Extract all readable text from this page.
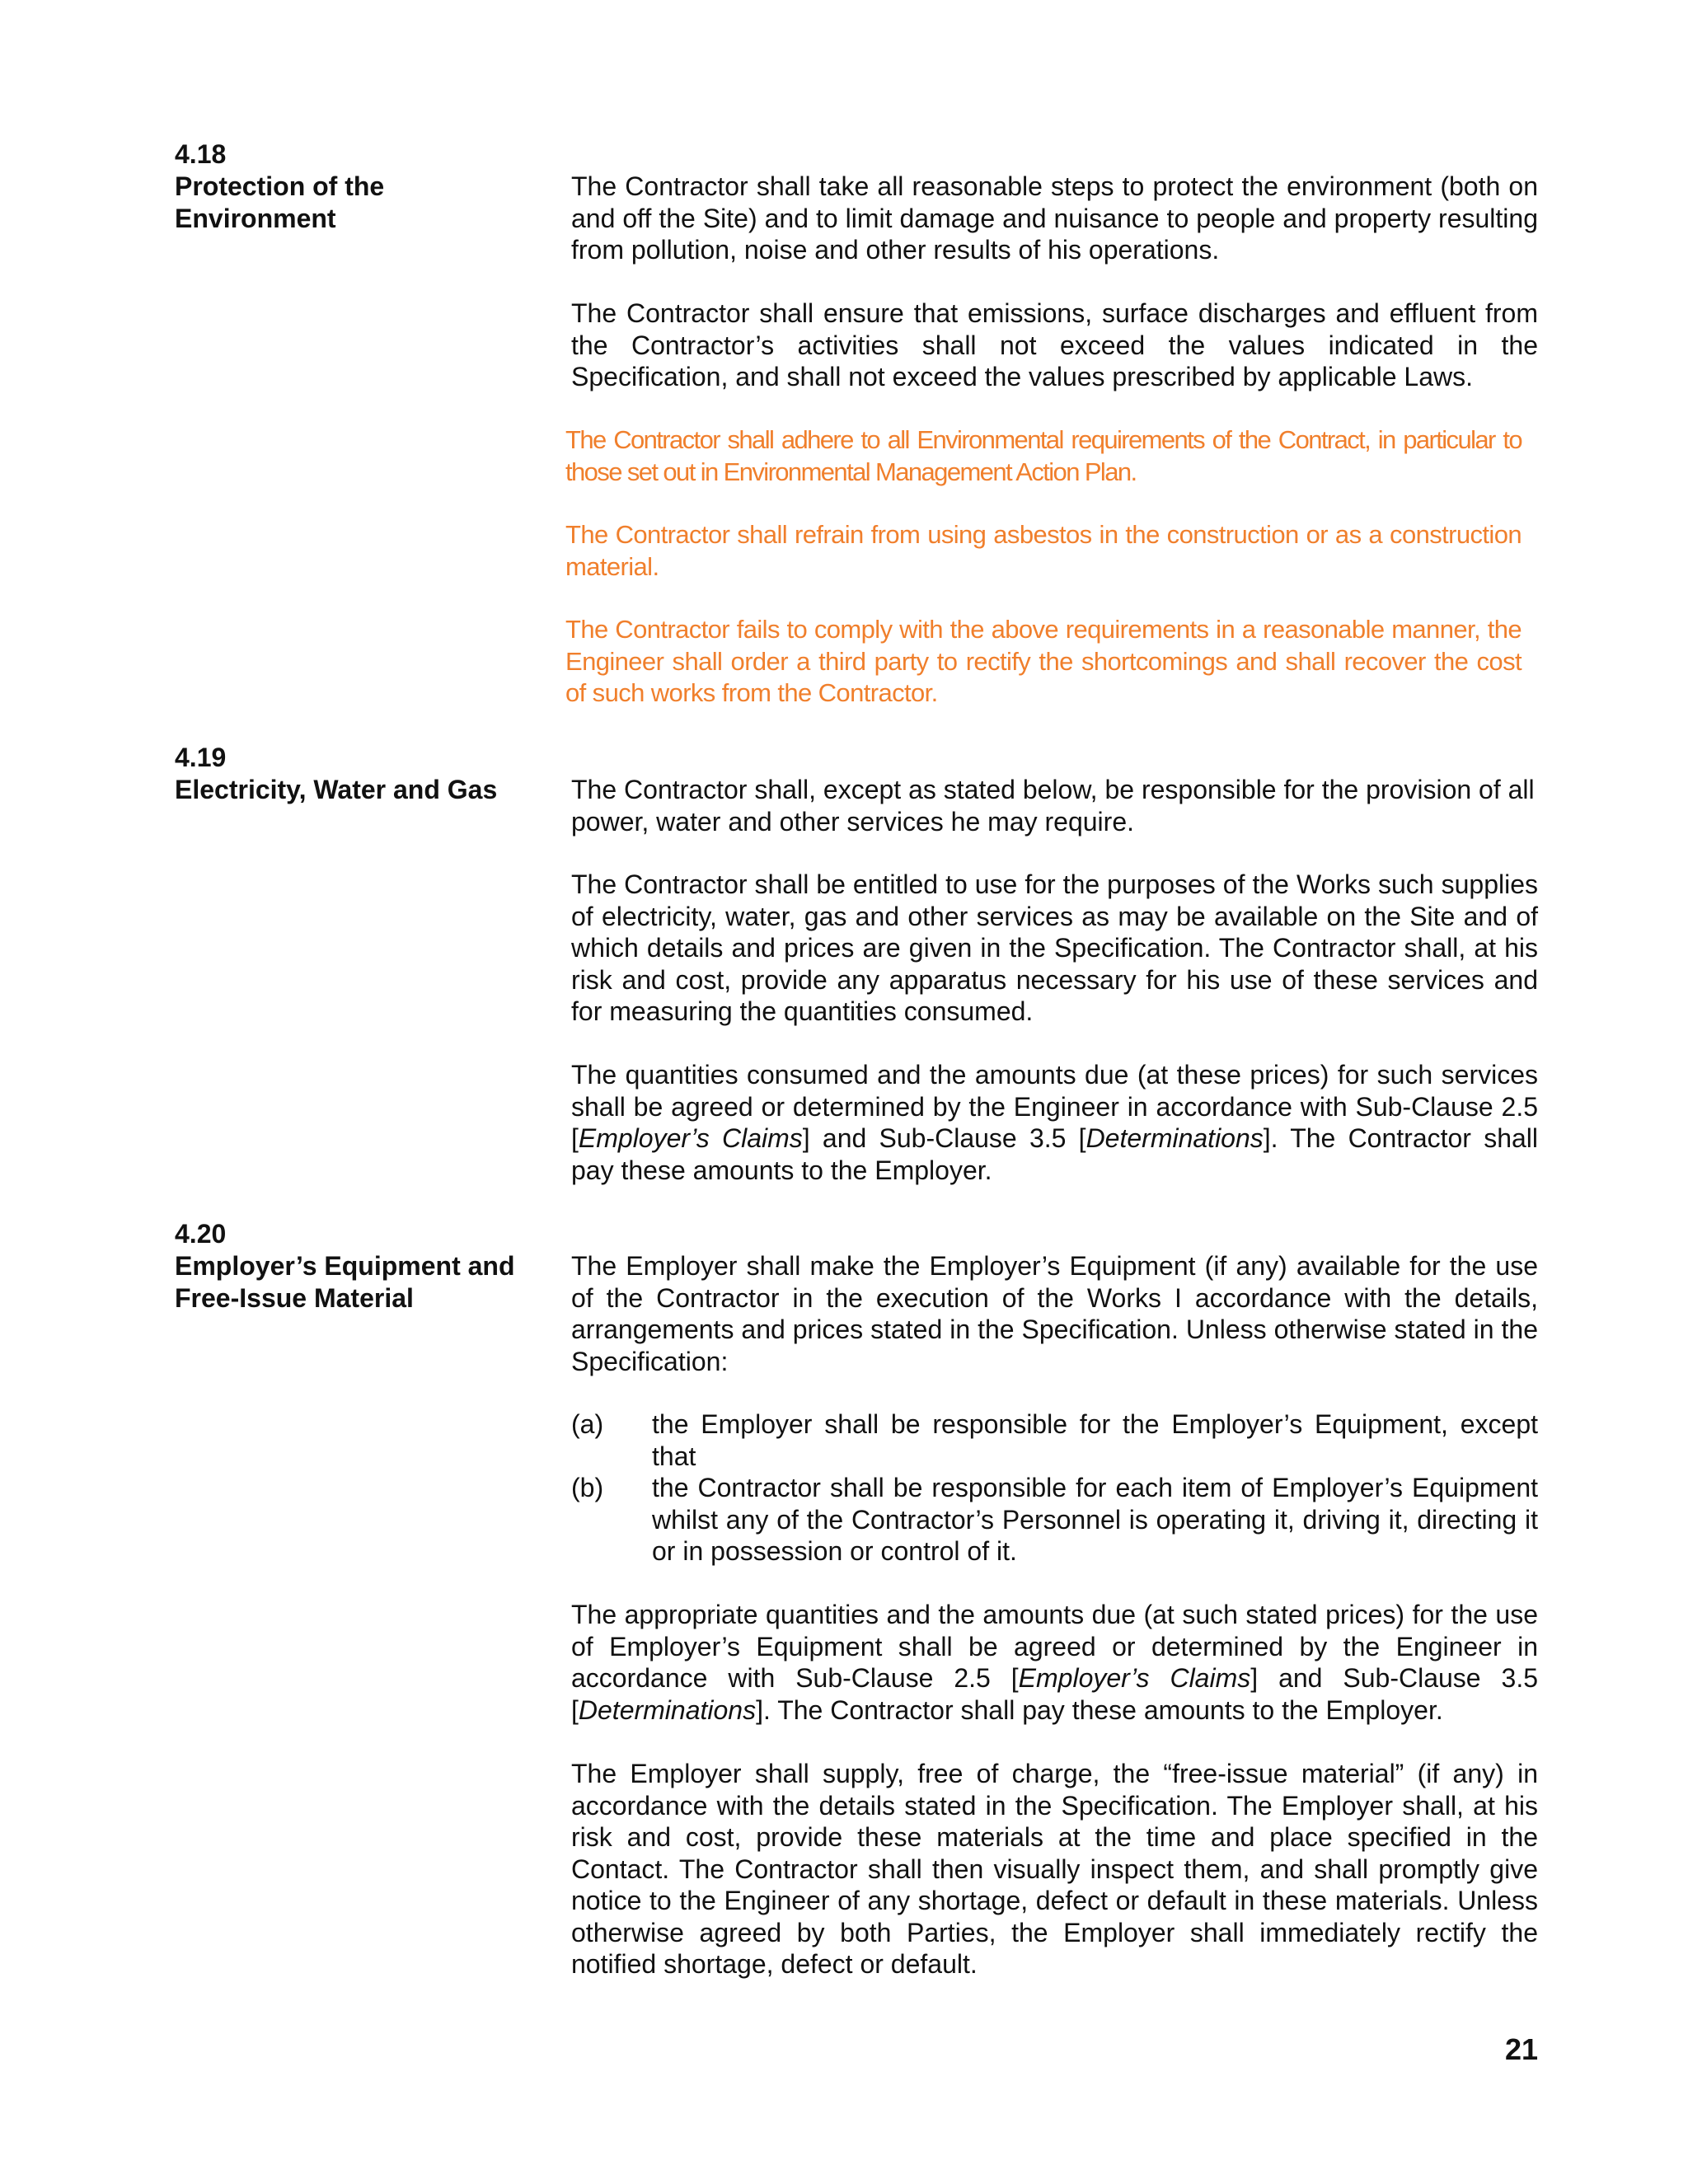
4.18
Protection of the Environment

The Contractor shall take all reasonable steps to protect the environment (both on and off the Site) and to limit damage and nuisance to people and property resulting from pollution, noise and other results of his operations.

The Contractor shall ensure that emissions, surface discharges and effluent from the Contractor’s activities shall not exceed the values indicated in the Specification, and shall not exceed the values prescribed by applicable Laws.

The Contractor shall adhere to all Environmental requirements of the Contract, in particular to those set out in Environmental Management Action Plan.

The Contractor shall refrain from using asbestos in the construction or as a construction material.

The Contractor fails to comply with the above requirements in a reasonable manner, the Engineer shall order a third party to rectify the shortcomings and shall recover the cost of such works from the Contractor.

4.19
Electricity, Water and Gas	The Contractor shall, except as stated below, be responsible for the provision of all power, water and other services he may require.

The Contractor shall be entitled to use for the purposes of the Works such supplies of electricity, water, gas and other services as may be available on the Site and of which details and prices are given in the Specification. The Contractor shall, at his risk and cost, provide any apparatus necessary for his use of these services and for measuring the quantities consumed.

The quantities consumed and the amounts due (at these prices) for such services shall be agreed or determined by the Engineer in accordance with Sub-Clause 2.5 [Employer’s Claims] and Sub-Clause 3.5 [Determinations]. The Contractor shall pay these amounts to the Employer.

4.20
Employer’s Equipment and Free-Issue Material

The Employer shall make the Employer’s Equipment (if any) available for the use of the Contractor in the execution of the Works I accordance with the details, arrangements and prices stated in the Specification. Unless otherwise stated in the Specification:

(a) the Employer shall be responsible for the Employer’s Equipment, except that
(b) the Contractor shall be responsible for each item of Employer’s Equipment whilst any of the Contractor’s Personnel is operating it, driving it, directing it or in possession or control of it.

The appropriate quantities and the amounts due (at such stated prices) for the use of Employer’s Equipment shall be agreed or determined by the Engineer in accordance with Sub-Clause 2.5 [Employer’s Claims] and Sub-Clause 3.5 [Determinations]. The Contractor shall pay these amounts to the Employer.

The Employer shall supply, free of charge, the “free-issue material” (if any) in accordance with the details stated in the Specification. The Employer shall, at his risk and cost, provide these materials at the time and place specified in the Contact. The Contractor shall then visually inspect them, and shall promptly give notice to the Engineer of any shortage, defect or default in these materials. Unless otherwise agreed by both Parties, the Employer shall immediately rectify the notified shortage, defect or default.

21
